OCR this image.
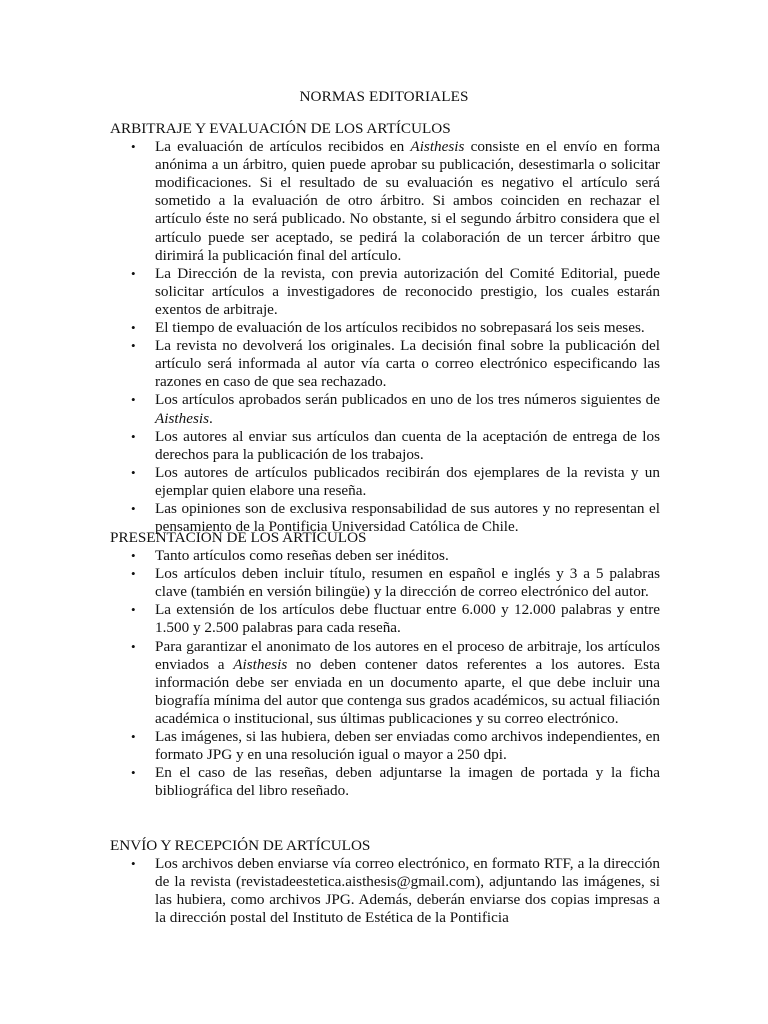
NORMAS EDITORIALES
ARBITRAJE Y EVALUACIÓN DE LOS ARTÍCULOS
• La evaluación de artículos recibidos en Aisthesis consiste en el envío en forma anónima a un árbitro, quien puede aprobar su publicación, desestimarla o solicitar modificaciones. Si el resultado de su evaluación es negativo el artículo será sometido a la evaluación de otro árbitro. Si ambos coinciden en rechazar el artículo éste no será publicado. No obstante, si el segundo árbitro considera que el artículo puede ser aceptado, se pedirá la colaboración de un tercer árbitro que dirimirá la publicación final del artículo.
• La Dirección de la revista, con previa autorización del Comité Editorial, puede solicitar artículos a investigadores de reconocido prestigio, los cuales estarán exentos de arbitraje.
• El tiempo de evaluación de los artículos recibidos no sobrepasará los seis meses.
• La revista no devolverá los originales. La decisión final sobre la publicación del artículo será informada al autor vía carta o correo electrónico especificando las razones en caso de que sea rechazado.
• Los artículos aprobados serán publicados en uno de los tres números siguientes de Aisthesis.
• Los autores al enviar sus artículos dan cuenta de la aceptación de entrega de los derechos para la publicación de los trabajos.
• Los autores de artículos publicados recibirán dos ejemplares de la revista y un ejemplar quien elabore una reseña.
• Las opiniones son de exclusiva responsabilidad de sus autores y no representan el pensamiento de la Pontificia Universidad Católica de Chile.
PRESENTACIÓN DE LOS ARTÍCULOS
• Tanto artículos como reseñas deben ser inéditos.
• Los artículos deben incluir título, resumen en español e inglés y 3 a 5 palabras clave (también en versión bilingüe) y la dirección de correo electrónico del autor.
• La extensión de los artículos debe fluctuar entre 6.000 y 12.000 palabras y entre 1.500 y 2.500 palabras para cada reseña.
• Para garantizar el anonimato de los autores en el proceso de arbitraje, los artículos enviados a Aisthesis no deben contener datos referentes a los autores. Esta información debe ser enviada en un documento aparte, el que debe incluir una biografía mínima del autor que contenga sus grados académicos, su actual filiación académica o institucional, sus últimas publicaciones y su correo electrónico.
• Las imágenes, si las hubiera, deben ser enviadas como archivos independientes, en formato JPG y en una resolución igual o mayor a 250 dpi.
• En el caso de las reseñas, deben adjuntarse la imagen de portada y la ficha bibliográfica del libro reseñado.
ENVÍO Y RECEPCIÓN DE ARTÍCULOS
• Los archivos deben enviarse vía correo electrónico, en formato RTF, a la dirección de la revista (revistadeestetica.aisthesis@gmail.com), adjuntando las imágenes, si las hubiera, como archivos JPG. Además, deberán enviarse dos copias impresas a la dirección postal del Instituto de Estética de la Pontificia
